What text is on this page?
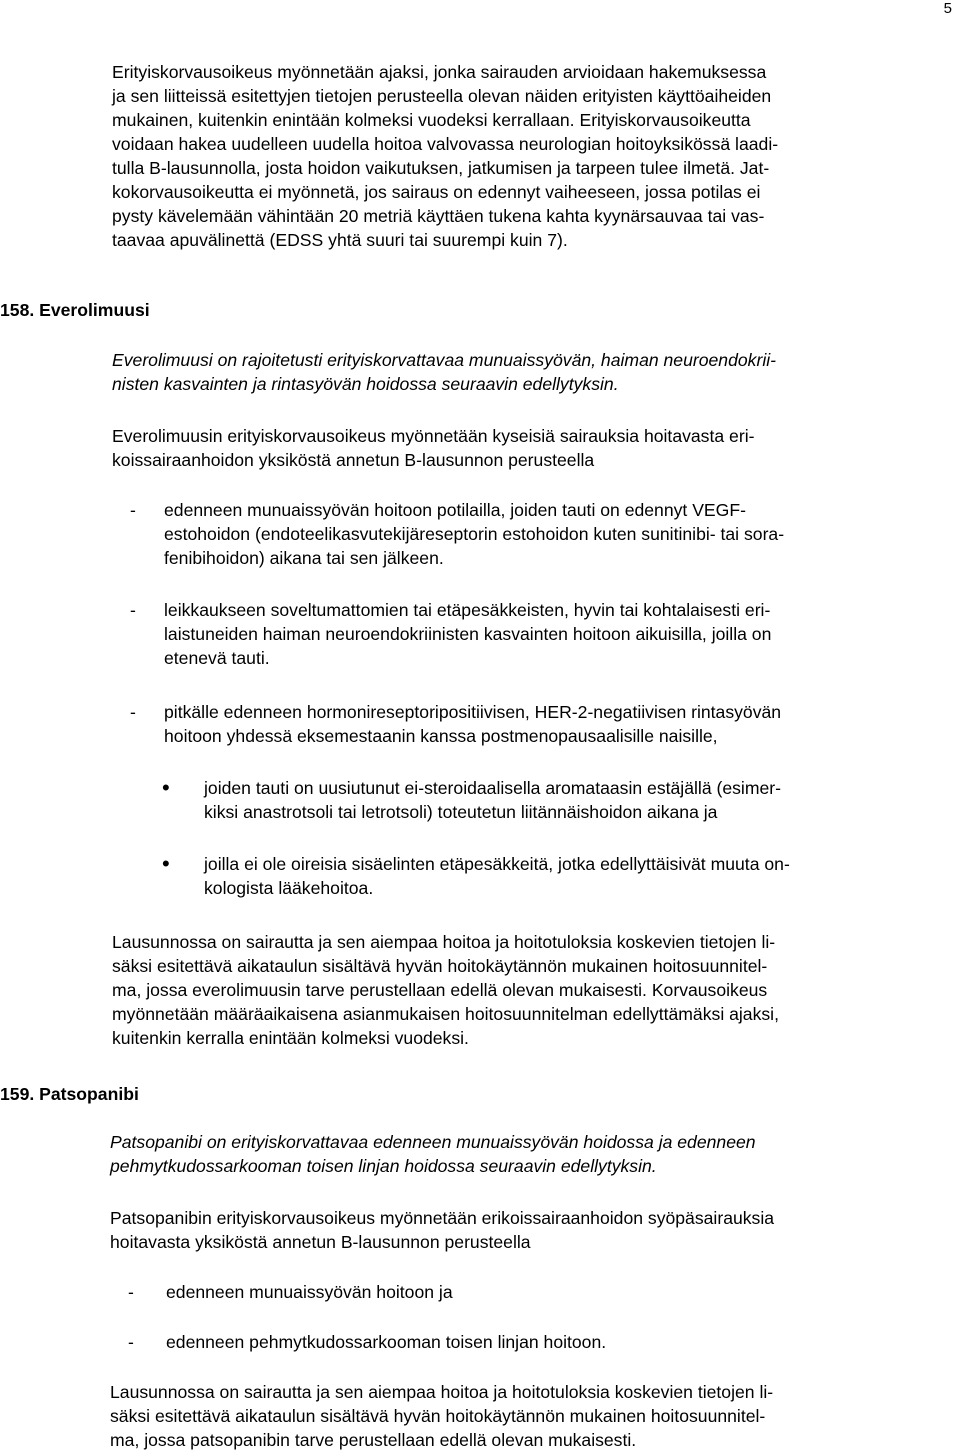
5
Erityiskorvausoikeus myönnetään ajaksi, jonka sairauden arvioidaan hakemuksessa
ja sen liitteissä esitettyjen tietojen perusteella olevan näiden erityisten käyttöaiheiden
mukainen, kuitenkin enintään kolmeksi vuodeksi kerrallaan. Erityiskorvausoikeutta
voidaan hakea uudelleen uudella hoitoa valvovassa neurologian hoitoyksikössä laadi-
tulla B-lausunnolla, josta hoidon vaikutuksen, jatkumisen ja tarpeen tulee ilmetä. Jat-
kokorvausoikeutta ei myönnetä, jos sairaus on edennyt vaiheeseen, jossa potilas ei
pysty kävelemään vähintään 20 metriä käyttäen tukena kahta kyynärsauvaa tai vas-
taavaa apuvälinettä (EDSS yhtä suuri tai suurempi kuin 7).
158. Everolimuusi
Everolimuusi on rajoitetusti erityiskorvattavaa munuaissyövän, haiman neuroendokrii-
nisten kasvainten ja rintasyövän hoidossa seuraavin edellytyksin.
Everolimuusin erityiskorvausoikeus myönnetään kyseisiä sairauksia hoitavasta eri-
koissairaanhoidon yksiköstä annetun B-lausunnon perusteella
- edenneen munuaissyövän hoitoon potilailla, joiden tauti on edennyt VEGF-
estohoidon (endoteelikasvutekijäreseptorin estohoidon kuten sunitinibi- tai sora-
fenibihoidon) aikana tai sen jälkeen.
- leikkaukseen soveltumattomien tai etäpesäkkeisten, hyvin tai kohtalaisesti eri-
laistuneiden haiman neuroendokriinisten kasvainten hoitoon aikuisilla, joilla on
etenevä tauti.
- pitkälle edenneen hormonireseptoripositiivisen, HER-2-negatiivisen rintasyövän
hoitoon yhdessä eksemestaanin kanssa postmenopausaalisille naisille,
• joiden tauti on uusiutunut ei-steroidaalisella aromataasin estäjällä (esimer-
kiksi anastrotsoli tai letrotsoli) toteutetun liitännäishoidon aikana ja
• joilla ei ole oireisia sisäelinten etäpesäkkeitä, jotka edellyttäisivät muuta on-
kologista lääkehoitoa.
Lausunnossa on sairautta ja sen aiempaa hoitoa ja hoitotuloksia koskevien tietojen li-
säksi esitettävä aikataulun sisältävä hyvän hoitokäytännön mukainen hoitosuunnitel-
ma, jossa everolimuusin tarve perustellaan edellä olevan mukaisesti. Korvausoikeus
myönnetään määräaikaisena asianmukaisen hoitosuunnitelman edellyttämäksi ajaksi,
kuitenkin kerralla enintään kolmeksi vuodeksi.
159. Patsopanibi
Patsopanibi on erityiskorvattavaa edenneen munuaissyövän hoidossa ja edenneen
pehmytkudossarkooman toisen linjan hoidossa seuraavin edellytyksin.
Patsopanibin erityiskorvausoikeus myönnetään erikoissairaanhoidon syöpäsairauksia
hoitavasta yksiköstä annetun B-lausunnon perusteella
- edenneen munuaissyövän hoitoon ja
- edenneen pehmytkudossarkooman toisen linjan hoitoon.
Lausunnossa on sairautta ja sen aiempaa hoitoa ja hoitotuloksia koskevien tietojen li-
säksi esitettävä aikataulun sisältävä hyvän hoitokäytännön mukainen hoitosuunnitel-
ma, jossa patsopanibin tarve perustellaan edellä olevan mukaisesti.
